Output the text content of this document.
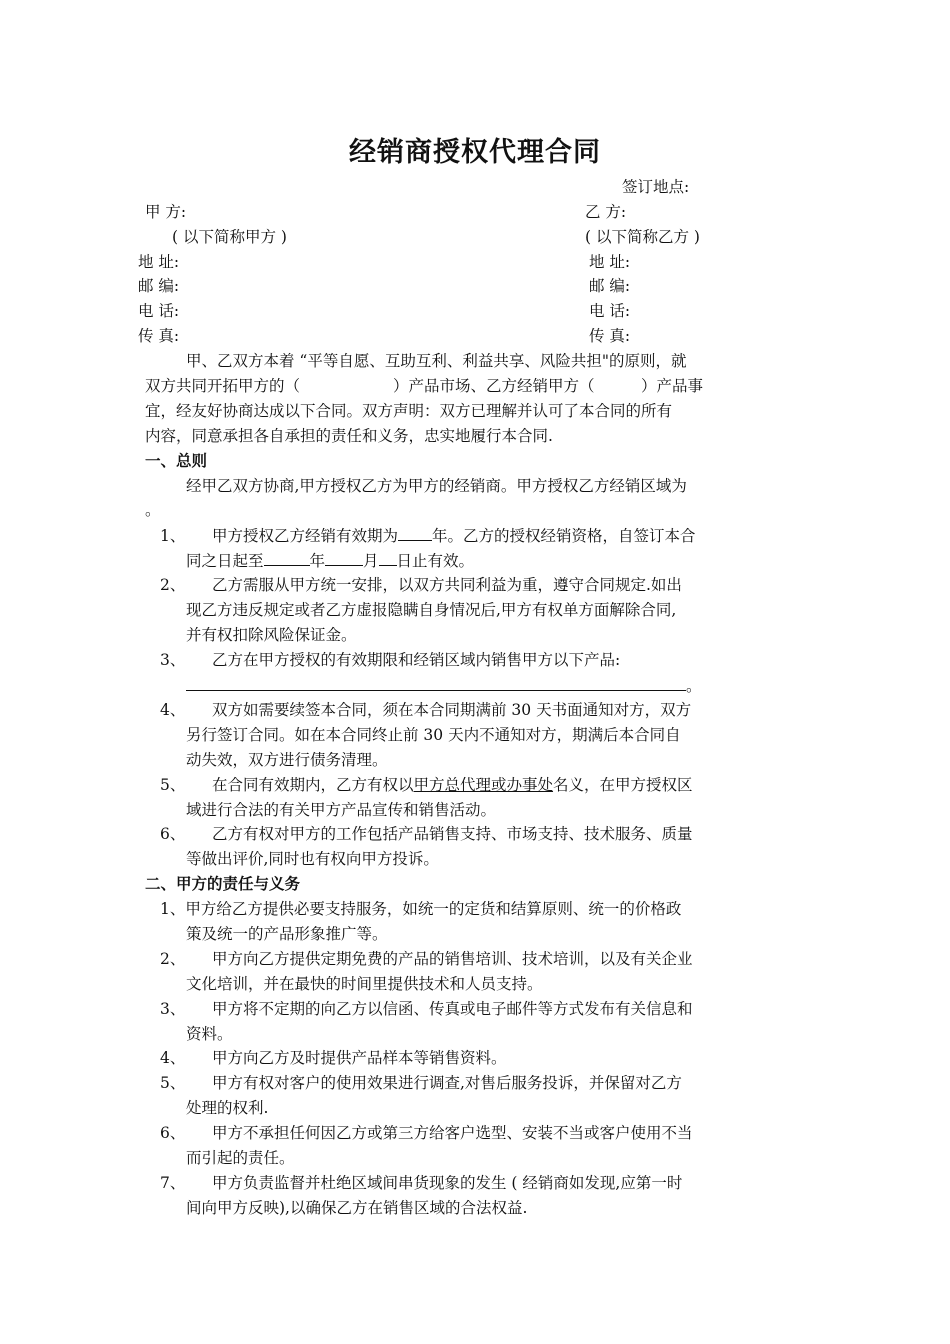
经销商授权代理合同
签订地点:
甲 方:	乙 方:
( 以下简称甲方 )	( 以下简称乙方 )
地 址:	地 址:
邮 编:	邮 编:
电 话:	电 话:
传 真:	传 真:
甲、乙双方本着 “平等自愿、互助互利、利益共享、风险共担"的原则，就
双方共同开拓甲方的（　　　　　　）产品市场、乙方经销甲方（　　　）产品事
宜，经友好协商达成以下合同。双方声明：双方已理解并认可了本合同的所有
内容，同意承担各自承担的责任和义务，忠实地履行本合同.
一、总则
经甲乙双方协商,甲方授权乙方为甲方的经销商。甲方授权乙方经销区域为
。
1、 甲方授权乙方经销有效期为 年。乙方的授权经销资格，自签订本合
同之日起至	年 月 日止有效。
2、 乙方需服从甲方统一安排，以双方共同利益为重，遵守合同规定.如出
现乙方违反规定或者乙方虚报隐瞒自身情况后,甲方有权单方面解除合同,
并有权扣除风险保证金。
3、 乙方在甲方授权的有效期限和经销区域内销售甲方以下产品:
。
4、 双方如需要续签本合同，须在本合同期满前 30 天书面通知对方，双方
另行签订合同。如在本合同终止前 30 天内不通知对方，期满后本合同自
动失效，双方进行债务清理。
5、 在合同有效期内，乙方有权以甲方总代理或办事处名义，在甲方授权区
域进行合法的有关甲方产品宣传和销售活动。
6、 乙方有权对甲方的工作包括产品销售支持、市场支持、技术服务、质量
等做出评价,同时也有权向甲方投诉。
二、甲方的责任与义务
1、甲方给乙方提供必要支持服务，如统一的定货和结算原则、统一的价格政
策及统一的产品形象推广等。
2、 甲方向乙方提供定期免费的产品的销售培训、技术培训，以及有关企业
文化培训，并在最快的时间里提供技术和人员支持。
3、 甲方将不定期的向乙方以信函、传真或电子邮件等方式发布有关信息和
资料。
4、 甲方向乙方及时提供产品样本等销售资料。
5、 甲方有权对客户的使用效果进行调查,对售后服务投诉，并保留对乙方
处理的权利.
6、 甲方不承担任何因乙方或第三方给客户选型、安装不当或客户使用不当
而引起的责任。
7、 甲方负责监督并杜绝区域间串货现象的发生 ( 经销商如发现,应第一时
间向甲方反映),以确保乙方在销售区域的合法权益.
